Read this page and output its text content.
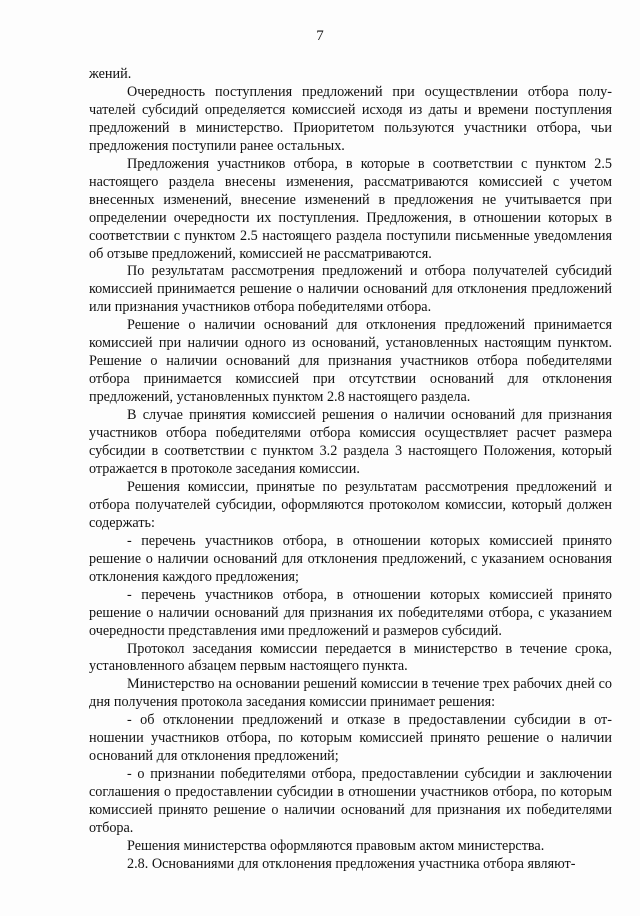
7

жений.

Очередность поступления предложений при осуществлении отбора получателей субсидий определяется комиссией исходя из даты и времени поступления предложений в министерство. Приоритетом пользуются участники отбора, чьи предложения поступили ранее остальных.

Предложения участников отбора, в которые в соответствии с пунктом 2.5 настоящего раздела внесены изменения, рассматриваются комиссией с учетом внесенных изменений, внесение изменений в предложения не учитывается при определении очередности их поступления. Предложения, в отношении которых в соответствии с пунктом 2.5 настоящего раздела поступили письменные уведомления об отзыве предложений, комиссией не рассматриваются.

По результатам рассмотрения предложений и отбора получателей субсидий комиссией принимается решение о наличии оснований для отклонения предложений или признания участников отбора победителями отбора.

Решение о наличии оснований для отклонения предложений принимается комиссией при наличии одного из оснований, установленных настоящим пунктом. Решение о наличии оснований для признания участников отбора победителями отбора принимается комиссией при отсутствии оснований для отклонения предложений, установленных пунктом 2.8 настоящего раздела.

В случае принятия комиссией решения о наличии оснований для признания участников отбора победителями отбора комиссия осуществляет расчет размера субсидии в соответствии с пунктом 3.2 раздела 3 настоящего Положения, который отражается в протоколе заседания комиссии.

Решения комиссии, принятые по результатам рассмотрения предложений и отбора получателей субсидии, оформляются протоколом комиссии, который должен содержать:

- перечень участников отбора, в отношении которых комиссией принято решение о наличии оснований для отклонения предложений, с указанием основания отклонения каждого предложения;

- перечень участников отбора, в отношении которых комиссией принято решение о наличии оснований для признания их победителями отбора, с указанием очередности представления ими предложений и размеров субсидий.

Протокол заседания комиссии передается в министерство в течение срока, установленного абзацем первым настоящего пункта.

Министерство на основании решений комиссии в течение трех рабочих дней со дня получения протокола заседания комиссии принимает решения:

- об отклонении предложений и отказе в предоставлении субсидии в отношении участников отбора, по которым комиссией принято решение о наличии оснований для отклонения предложений;

- о признании победителями отбора, предоставлении субсидии и заключении соглашения о предоставлении субсидии в отношении участников отбора, по которым комиссией принято решение о наличии оснований для признания их победителями отбора.

Решения министерства оформляются правовым актом министерства.

2.8. Основаниями для отклонения предложения участника отбора являют-
